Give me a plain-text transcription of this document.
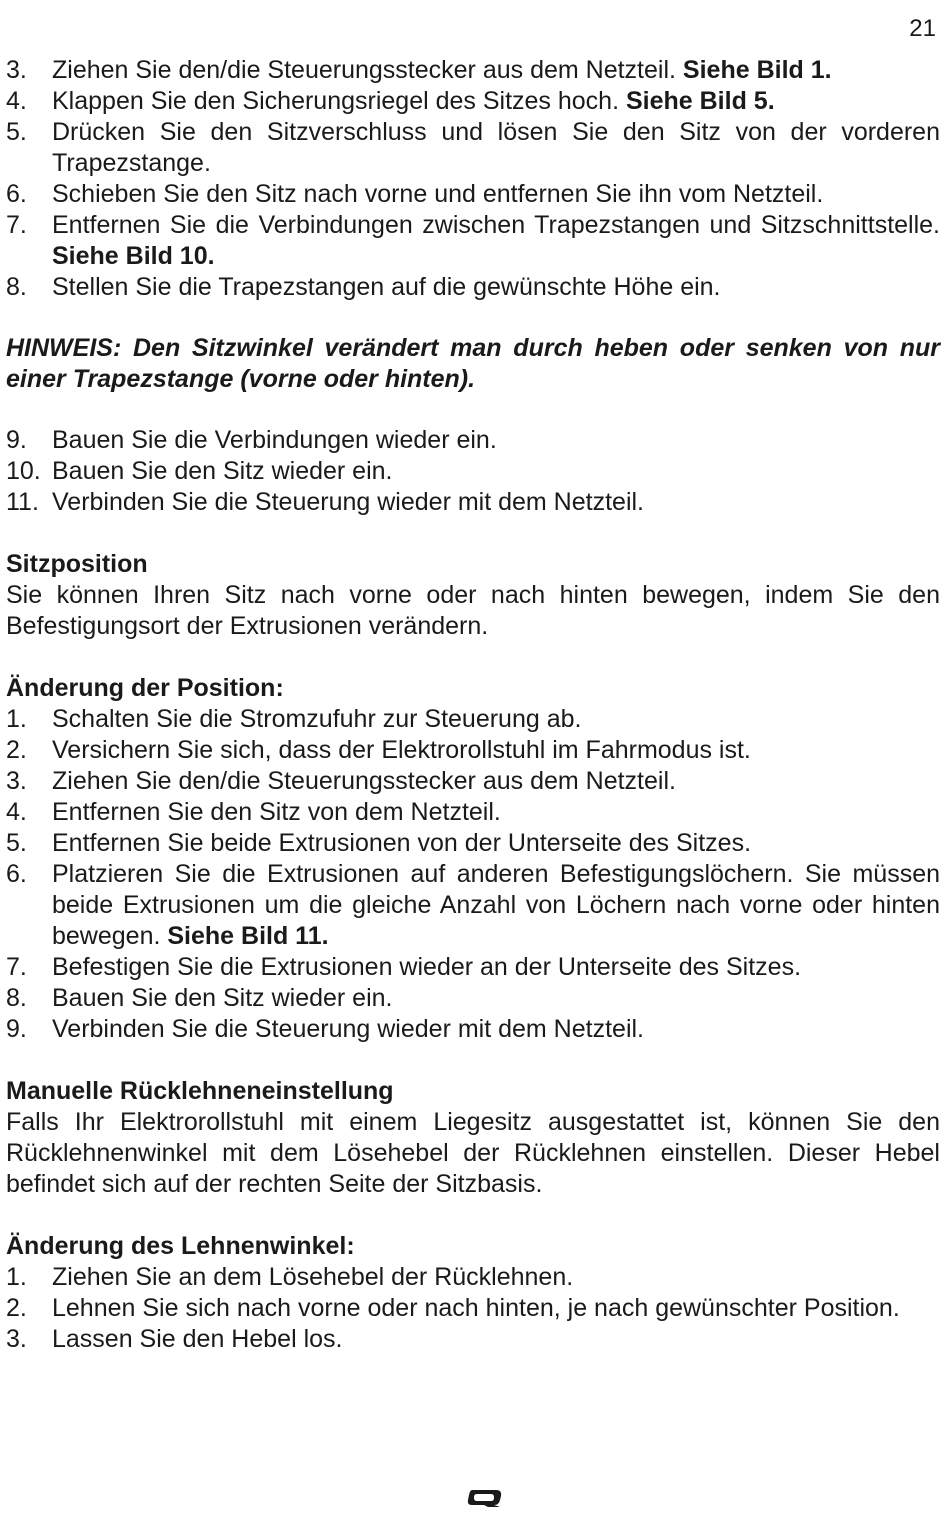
21
3.	Ziehen Sie den/die Steuerungsstecker aus dem Netzteil. Siehe Bild 1.
4.	Klappen Sie den Sicherungsriegel des Sitzes hoch. Siehe Bild 5.
5.	Drücken Sie den Sitzverschluss und lösen Sie den Sitz von der vorderen Trapezstange.
6.	Schieben Sie den Sitz nach vorne und entfernen Sie ihn vom Netzteil.
7.	Entfernen Sie die Verbindungen zwischen Trapezstangen und Sitzschnittstelle. Siehe Bild 10.
8.	Stellen Sie die Trapezstangen auf die gewünschte Höhe ein.
HINWEIS: Den Sitzwinkel verändert man durch heben oder senken von nur einer Trapezstange (vorne oder hinten).
9.	Bauen Sie die Verbindungen wieder ein.
10. Bauen Sie den Sitz wieder ein.
11. Verbinden Sie die Steuerung wieder mit dem Netzteil.
Sitzposition
Sie können Ihren Sitz nach vorne oder nach hinten bewegen, indem Sie den Befestigungsort der Extrusionen verändern.
Änderung der Position:
1.	Schalten Sie die Stromzufuhr zur Steuerung ab.
2.	Versichern Sie sich, dass der Elektrorollstuhl im Fahrmodus ist.
3.	Ziehen Sie den/die Steuerungsstecker aus dem Netzteil.
4.	Entfernen Sie den Sitz von dem Netzteil.
5.	Entfernen Sie beide Extrusionen von der Unterseite des Sitzes.
6.	Platzieren Sie die Extrusionen auf anderen Befestigungslöchern. Sie müssen beide Extrusionen um die gleiche Anzahl von Löchern nach vorne oder hinten bewegen. Siehe Bild 11.
7.	Befestigen Sie die Extrusionen wieder an der Unterseite des Sitzes.
8.	Bauen Sie den Sitz wieder ein.
9.	Verbinden Sie die Steuerung wieder mit dem Netzteil.
Manuelle Rücklehneneinstellung
Falls Ihr Elektrorollstuhl mit einem Liegesitz ausgestattet ist, können Sie den Rücklehnenwinkel mit dem Lösehebel der Rücklehnen einstellen. Dieser Hebel befindet sich auf der rechten Seite der Sitzbasis.
Änderung des Lehnenwinkel:
1.	Ziehen Sie an dem Lösehebel der Rücklehnen.
2.	Lehnen Sie sich nach vorne oder nach hinten, je nach gewünschter Position.
3.	Lassen Sie den Hebel los.
